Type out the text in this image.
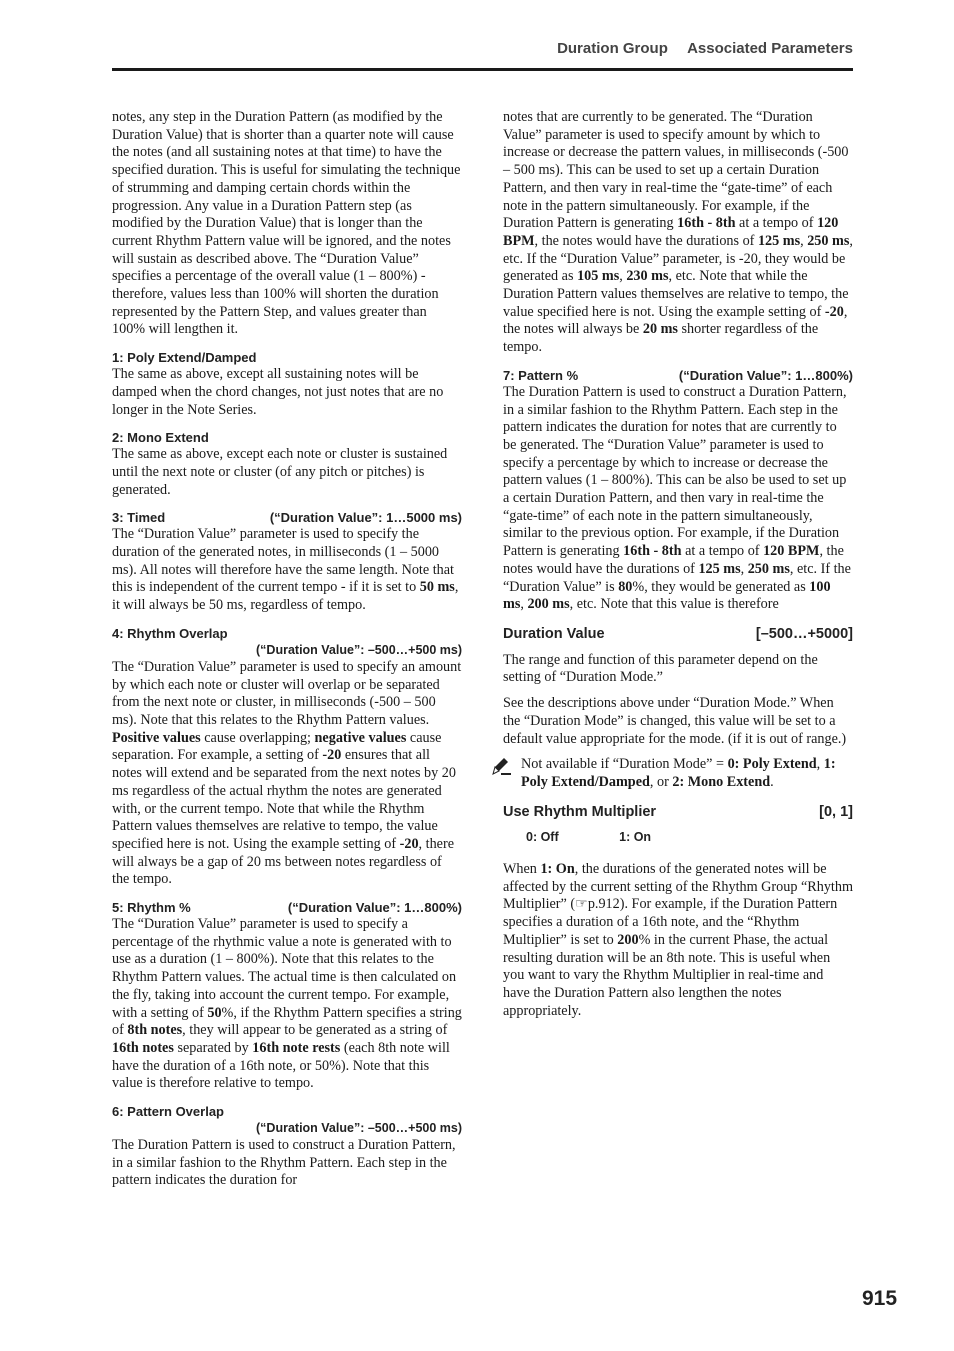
Duration Group Associated Parameters

notes, any step in the Duration Pattern (as modified by the Duration Value) that is shorter than a quarter note will cause the notes (and all sustaining notes at that time) to have the specified duration. This is useful for simulating the technique of strumming and damping certain chords within the progression. Any value in a Duration Pattern step (as modified by the Duration Value) that is longer than the current Rhythm Pattern value will be ignored, and the notes will sustain as described above. The “Duration Value” specifies a percentage of the overall value (1 – 800%) - therefore, values less than 100% will shorten the duration represented by the Pattern Step, and values greater than 100% will lengthen it.

1: Poly Extend/Damped

The same as above, except all sustaining notes will be damped when the chord changes, not just notes that are no longer in the Note Series.

2: Mono Extend

The same as above, except each note or cluster is sustained until the next note or cluster (of any pitch or pitches) is generated.

3: Timed	(“Duration Value”: 1…5000 ms)

The “Duration Value” parameter is used to specify the duration of the generated notes, in milliseconds (1 – 5000 ms). All notes will therefore have the same length. Note that this is independent of the current tempo - if it is set to 50 ms, it will always be 50 ms, regardless of tempo.

4: Rhythm Overlap
(“Duration Value”: –500…+500 ms)

The “Duration Value” parameter is used to specify an amount by which each note or cluster will overlap or be separated from the next note or cluster, in milliseconds (-500 – 500 ms). Note that this relates to the Rhythm Pattern values. Positive values cause overlapping; negative values cause separation. For example, a setting of -20 ensures that all notes will extend and be separated from the next notes by 20 ms regardless of the actual rhythm the notes are generated with, or the current tempo. Note that while the Rhythm Pattern values themselves are relative to tempo, the value specified here is not. Using the example setting of -20, there will always be a gap of 20 ms between notes regardless of the tempo.

5: Rhythm %	(“Duration Value”: 1…800%)

The “Duration Value” parameter is used to specify a percentage of the rhythmic value a note is generated with to use as a duration (1 – 800%). Note that this relates to the Rhythm Pattern values. The actual time is then calculated on the fly, taking into account the current tempo. For example, with a setting of 50%, if the Rhythm Pattern specifies a string of 8th notes, they will appear to be generated as a string of 16th notes separated by 16th note rests (each 8th note will have the duration of a 16th note, or 50%). Note that this value is therefore relative to tempo.

6: Pattern Overlap
(“Duration Value”: –500…+500 ms)

The Duration Pattern is used to construct a Duration Pattern, in a similar fashion to the Rhythm Pattern. Each step in the pattern indicates the duration for

notes that are currently to be generated. The “Duration Value” parameter is used to specify amount by which to increase or decrease the pattern values, in milliseconds (-500 – 500 ms). This can be used to set up a certain Duration Pattern, and then vary in real-time the “gate-time” of each note in the pattern simultaneously. For example, if the Duration Pattern is generating 16th - 8th at a tempo of 120 BPM, the notes would have the durations of 125 ms, 250 ms, etc. If the “Duration Value” parameter, is -20, they would be generated as 105 ms, 230 ms, etc. Note that while the Duration Pattern values themselves are relative to tempo, the value specified here is not. Using the example setting of -20, the notes will always be 20 ms shorter regardless of the tempo.

7: Pattern %	(“Duration Value”: 1…800%)

The Duration Pattern is used to construct a Duration Pattern, in a similar fashion to the Rhythm Pattern. Each step in the pattern indicates the duration for notes that are currently to be generated. The “Duration Value” parameter is used to specify a percentage by which to increase or decrease the pattern values (1 – 800%). This can be also be used to set up a certain Duration Pattern, and then vary in real-time the “gate-time” of each note in the pattern simultaneously, similar to the previous option. For example, if the Duration Pattern is generating 16th - 8th at a tempo of 120 BPM, the notes would have the durations of 125 ms, 250 ms, etc. If the “Duration Value” is 80%, they would be generated as 100 ms, 200 ms, etc. Note that this value is therefore

Duration Value	[–500…+5000]

The range and function of this parameter depend on the setting of “Duration Mode.”

See the descriptions above under “Duration Mode.” When the “Duration Mode” is changed, this value will be set to a default value appropriate for the mode. (if it is out of range.)

Not available if “Duration Mode” = 0: Poly Extend, 1: Poly Extend/Damped, or 2: Mono Extend.
Use Rhythm Multiplier	[0, 1]
0: Off	1: On

When 1: On, the durations of the generated notes will be affected by the current setting of the Rhythm Group “Rhythm Multiplier” (☞p.912). For example, if the Duration Pattern specifies a duration of a 16th note, and the “Rhythm Multiplier” is set to 200% in the current Phase, the actual resulting duration will be an 8th note. This is useful when you want to vary the Rhythm Multiplier in real-time and have the Duration Pattern also lengthen the notes appropriately.

915
